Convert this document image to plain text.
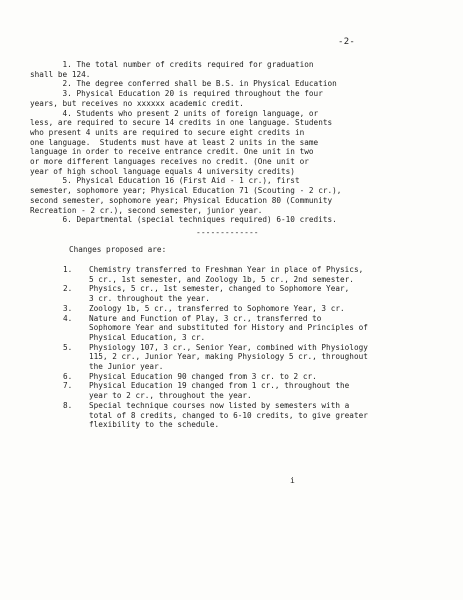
-2-
1. The total number of credits required for graduation
shall be 124.
2. The degree conferred shall be B.S. in Physical Education
3. Physical Education 20 is required throughout the four
years, but receives no xxxxxx academic credit.
4. Students who present 2 units of foreign language, or
less, are required to secure 14 credits in one language. Students
who present 4 units are required to secure eight credits in
one language.  Students must have at least 2 units in the same
language in order to receive entrance credit. One unit in two
or more different languages receives no credit. (One unit or
year of high school language equals 4 university credits)
5. Physical Education 16 (First Aid - 1 cr.), first
semester, sophomore year; Physical Education 71 (Scouting - 2 cr.),
second semester, sophomore year; Physical Education 80 (Community
Recreation - 2 cr.), second semester, junior year.
6. Departmental (special techniques required) 6-10 credits.
-------------
Changes proposed are:
1. Chemistry transferred to Freshman Year in place of Physics,
5 cr., 1st semester, and Zoology 1b, 5 cr., 2nd semester.
2. Physics, 5 cr., 1st semester, changed to Sophomore Year,
3 cr. throughout the year.
3. Zoology 1b, 5 cr., transferred to Sophomore Year, 3 cr.
4. Nature and Function of Play, 3 cr., transferred to
Sophomore Year and substituted for History and Principles of
Physical Education, 3 cr.
5. Physiology 107, 3 cr., Senior Year, combined with Physiology
115, 2 cr., Junior Year, making Physiology 5 cr., throughout
the Junior year.
6. Physical Education 90 changed from 3 cr. to 2 cr.
7. Physical Education 19 changed from 1 cr., throughout the
year to 2 cr., throughout the year.
8. Special technique courses now listed by semesters with a
total of 8 credits, changed to 6-10 credits, to give greater
flexibility to the schedule.
i
